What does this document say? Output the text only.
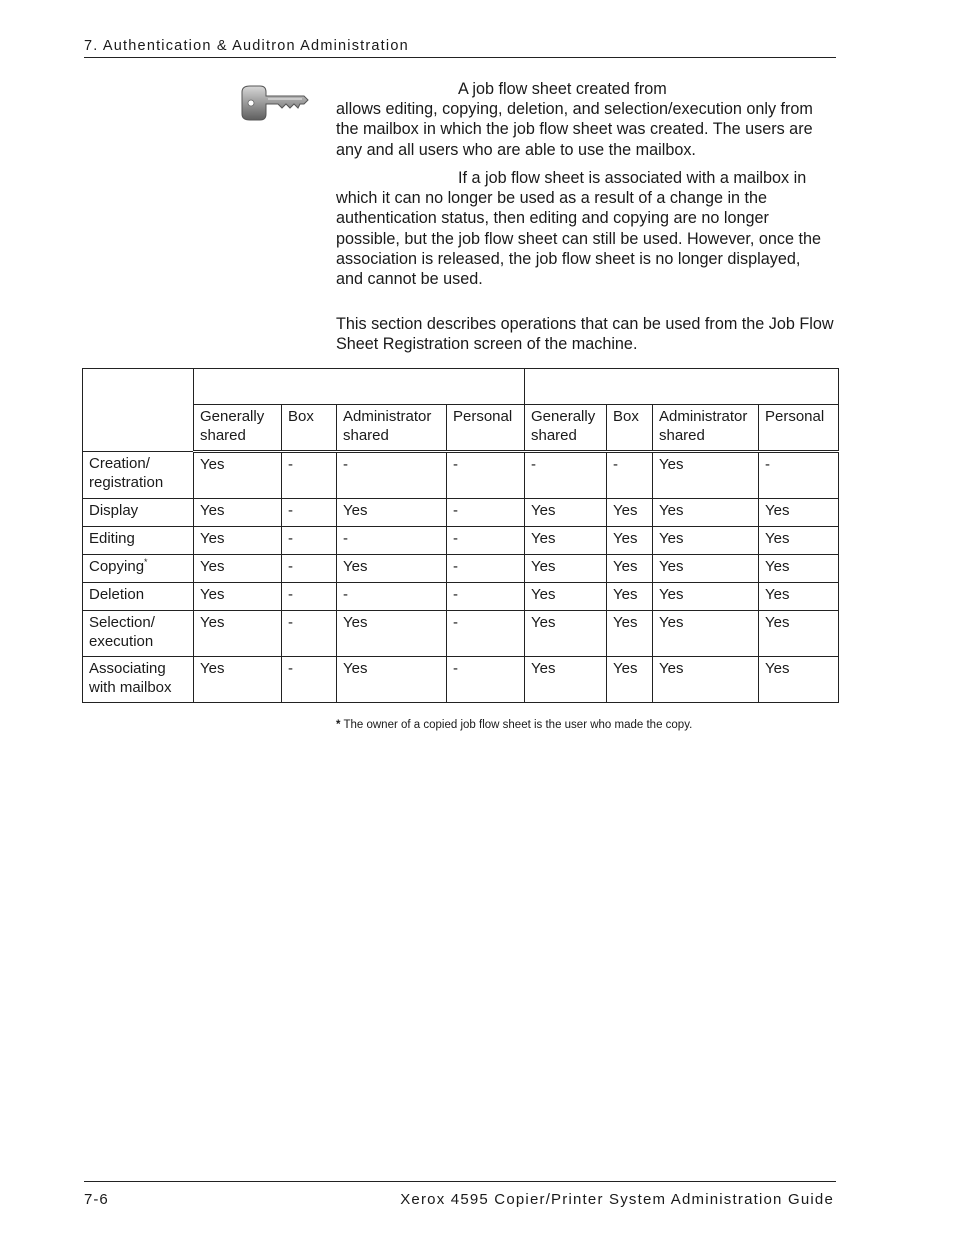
7. Authentication & Auditron Administration

A job flow sheet created from

allows editing, copying, deletion, and selection/execution only from the mailbox in which the job flow sheet was created. The users are any and all users who are able to use the mailbox.

If a job flow sheet is associated with a mailbox in

which it can no longer be used as a result of a change in the authentication status, then editing and copying are no longer possible, but the job flow sheet can still be used. However, once the association is released, the job flow sheet is no longer displayed, and cannot be used.

This section describes operations that can be used from the Job Flow Sheet Registration screen of the machine.

	Generally shared	Box	Administrator shared	Personal	Generally shared	Box	Administrator shared	Personal
Creation/ registration	Yes	-	-	-	-	-	Yes	-
Display	Yes	-	Yes	-	Yes	Yes	Yes	Yes
Editing	Yes	-	-	-	Yes	Yes	Yes	Yes
Copying*	Yes	-	Yes	-	Yes	Yes	Yes	Yes
Deletion	Yes	-	-	-	Yes	Yes	Yes	Yes
Selection/ execution	Yes	-	Yes	-	Yes	Yes	Yes	Yes
Associating with mailbox	Yes	-	Yes	-	Yes	Yes	Yes	Yes
* The owner of a copied job flow sheet is the user who made the copy.
7-6	Xerox 4595 Copier/Printer System Administration Guide
